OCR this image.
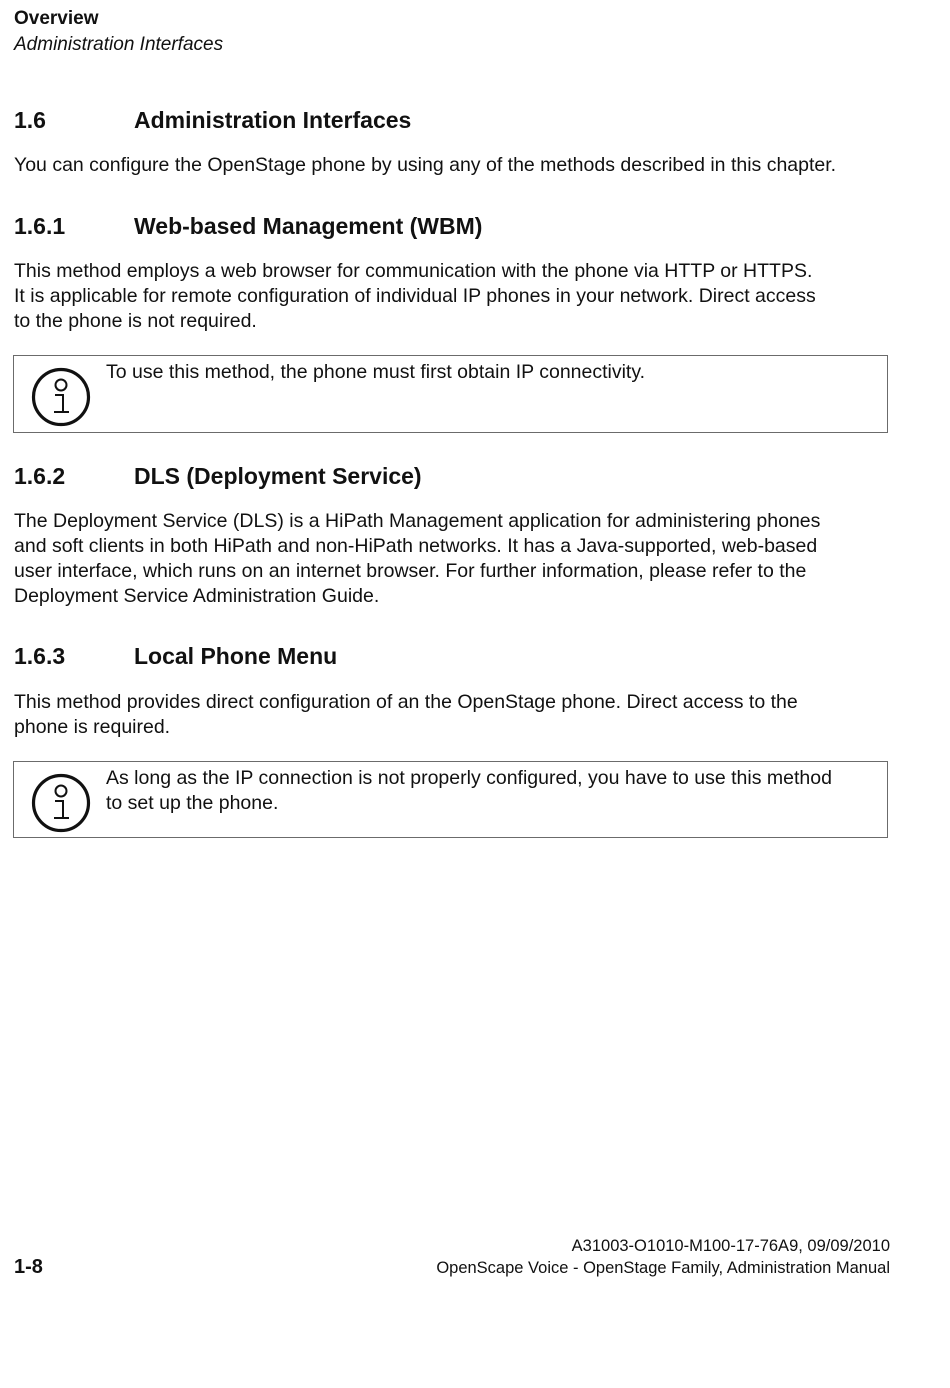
Overview
Administration Interfaces
1.6	Administration Interfaces
You can configure the OpenStage phone by using any of the methods described in this chapter.
1.6.1	Web-based Management (WBM)
This method employs a web browser for communication with the phone via HTTP or HTTPS.
It is applicable for remote configuration of individual IP phones in your network. Direct access
to the phone is not required.
To use this method, the phone must first obtain IP connectivity.
1.6.2	DLS (Deployment Service)
The Deployment Service (DLS) is a HiPath Management application for administering phones
and soft clients in both HiPath and non-HiPath networks. It has a Java-supported, web-based
user interface, which runs on an internet browser. For further information, please refer to the
Deployment Service Administration Guide.
1.6.3	Local Phone Menu
This method provides direct configuration of an the OpenStage phone. Direct access to the
phone is required.
As long as the IP connection is not properly configured, you have to use this method
to set up the phone.
A31003-O1010-M100-17-76A9, 09/09/2010
OpenScape Voice - OpenStage Family, Administration Manual
1-8
